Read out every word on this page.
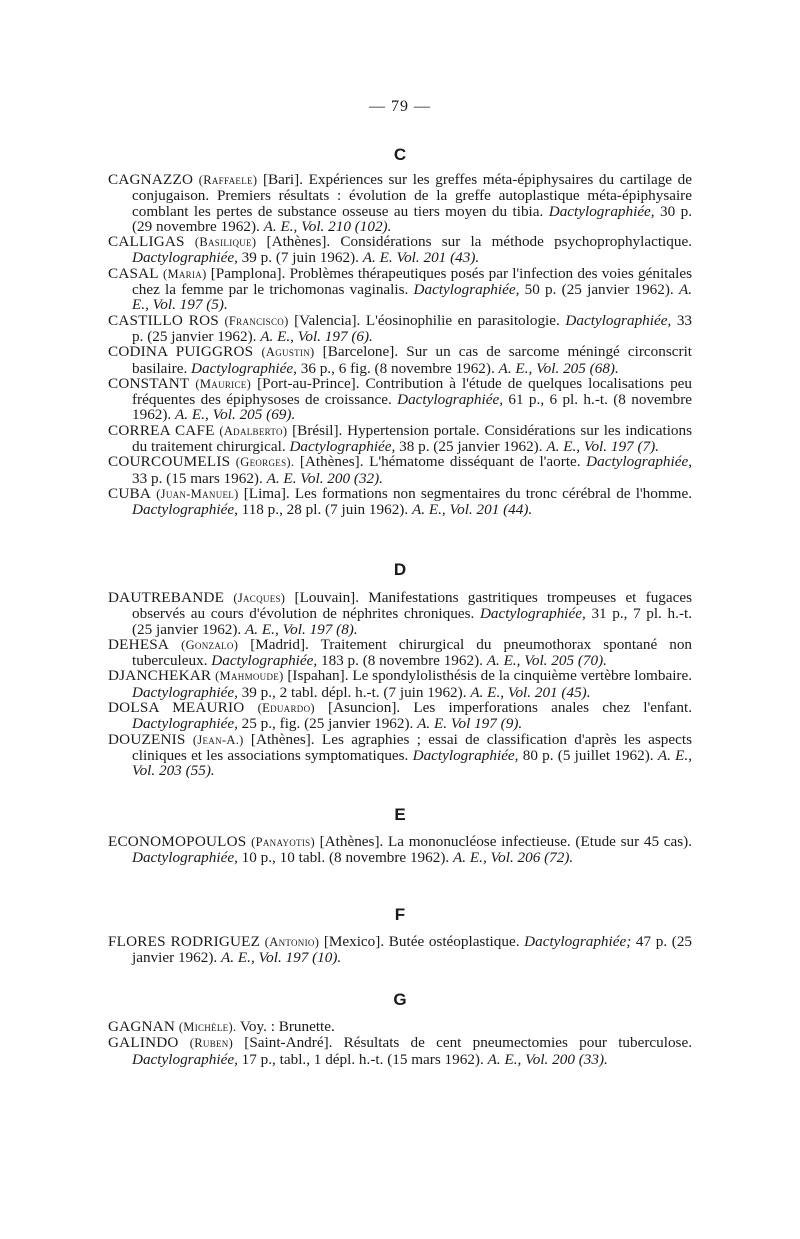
— 79 —
C

CAGNAZZO (Raffaele) [Bari]. Expériences sur les greffes méta-épiphysaires du cartilage de conjugaison. Premiers résultats : évolution de la greffe autoplastique méta-épiphysaire comblant les pertes de substance osseuse au tiers moyen du tibia. Dactylographiée, 30 p. (29 novembre 1962). A. E., Vol. 210 (102).

CALLIGAS (Basilique) [Athènes]. Considérations sur la méthode psychoprophylactique. Dactylographiée, 39 p. (7 juin 1962). A. E. Vol. 201 (43).

CASAL (Maria) [Pamplona]. Problèmes thérapeutiques posés par l'infection des voies génitales chez la femme par le trichomonas vaginalis. Dactylographiée, 50 p. (25 janvier 1962). A. E., Vol. 197 (5).

CASTILLO ROS (Francisco) [Valencia]. L'éosinophilie en parasitologie. Dactylographiée, 33 p. (25 janvier 1962). A. E., Vol. 197 (6).

CODINA PUIGGROS (Agustin) [Barcelone]. Sur un cas de sarcome méningé circonscrit basilaire. Dactylographiée, 36 p., 6 fig. (8 novembre 1962). A. E., Vol. 205 (68).

CONSTANT (Maurice) [Port-au-Prince]. Contribution à l'étude de quelques localisations peu fréquentes des épiphysoses de croissance. Dactylographiée, 61 p., 6 pl. h.-t. (8 novembre 1962). A. E., Vol. 205 (69).

CORREA CAFE (Adalberto) [Brésil]. Hypertension portale. Considérations sur les indications du traitement chirurgical. Dactylographiée, 38 p. (25 janvier 1962). A. E., Vol. 197 (7).

COURCOUMELIS (Georges). [Athènes]. L'hématome disséquant de l'aorte. Dactylographiée, 33 p. (15 mars 1962). A. E. Vol. 200 (32).

CUBA (Juan-Manuel) [Lima]. Les formations non segmentaires du tronc cérébral de l'homme. Dactylographiée, 118 p., 28 pl. (7 juin 1962). A. E., Vol. 201 (44).

D

DAUTREBANDE (Jacques) [Louvain]. Manifestations gastritiques trompeuses et fugaces observés au cours d'évolution de néphrites chroniques. Dactylographiée, 31 p., 7 pl. h.-t. (25 janvier 1962). A. E., Vol. 197 (8).

DEHESA (Gonzalo) [Madrid]. Traitement chirurgical du pneumothorax spontané non tuberculeux. Dactylographiée, 183 p. (8 novembre 1962). A. E., Vol. 205 (70).

DJANCHEKAR (Mahmoude) [Ispahan]. Le spondylolisthésis de la cinquième vertèbre lombaire. Dactylographiée, 39 p., 2 tabl. dépl. h.-t. (7 juin 1962). A. E., Vol. 201 (45).

DOLSA MEAURIO (Eduardo) [Asuncion]. Les imperforations anales chez l'enfant. Dactylographiée, 25 p., fig. (25 janvier 1962). A. E. Vol 197 (9).

DOUZENIS (Jean-A.) [Athènes]. Les agraphies ; essai de classification d'après les aspects cliniques et les associations symptomatiques. Dactylographiée, 80 p. (5 juillet 1962). A. E., Vol. 203 (55).

E

ECONOMOPOULOS (Panayotis) [Athènes]. La mononucléose infectieuse. (Etude sur 45 cas). Dactylographiée, 10 p., 10 tabl. (8 novembre 1962). A. E., Vol. 206 (72).

F

FLORES RODRIGUEZ (Antonio) [Mexico]. Butée ostéoplastique. Dactylographiée; 47 p. (25 janvier 1962). A. E., Vol. 197 (10).

G

GAGNAN (Michèle). Voy. : Brunette.

GALINDO (Ruben) [Saint-André]. Résultats de cent pneumectomies pour tuberculose. Dactylographiée, 17 p., tabl., 1 dépl. h.-t. (15 mars 1962). A. E., Vol. 200 (33).
